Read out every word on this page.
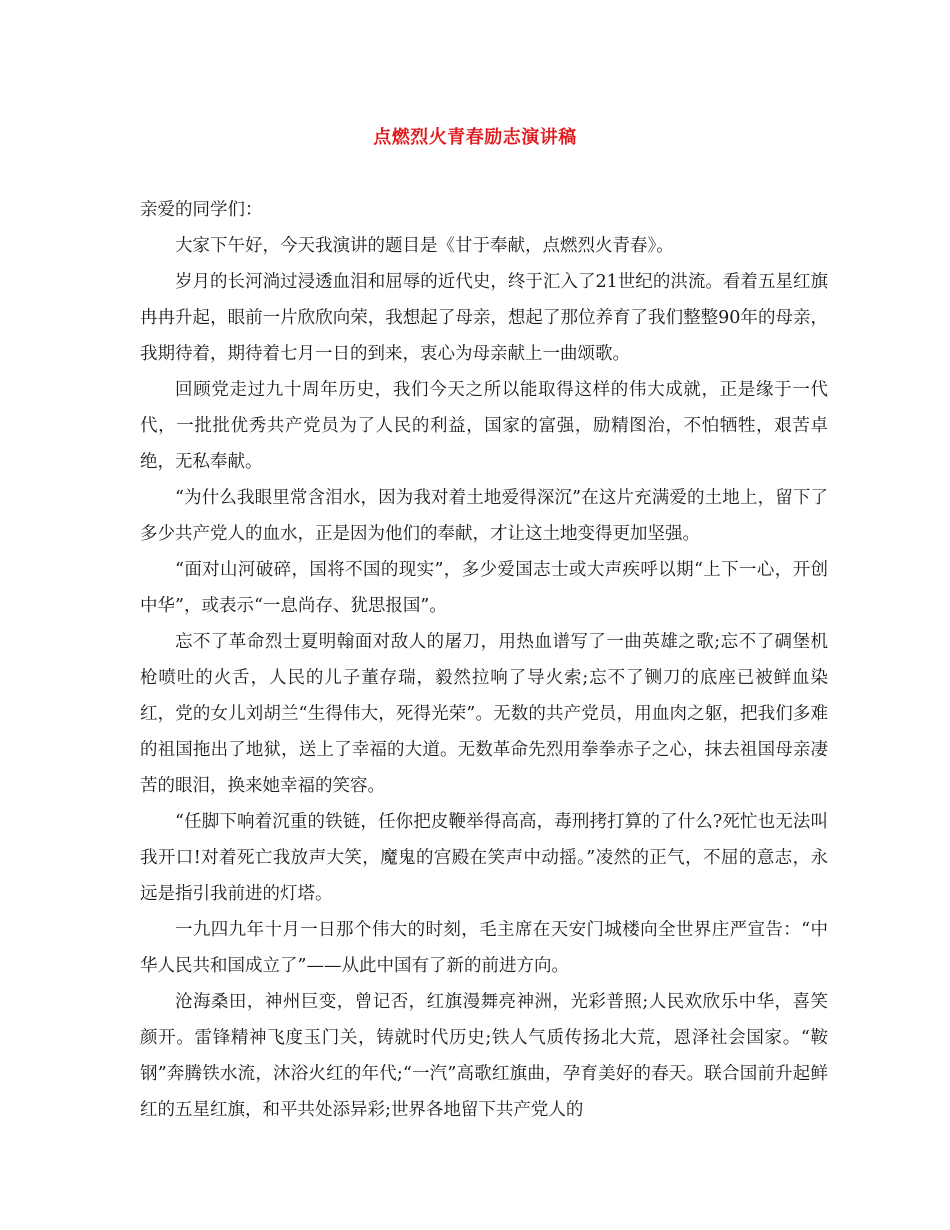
点燃烈火青春励志演讲稿

亲爱的同学们：

大家下午好，今天我演讲的题目是《甘于奉献，点燃烈火青春》。

岁月的长河淌过浸透血泪和屈辱的近代史，终于汇入了21世纪的洪流。看着五星红旗冉冉升起，眼前一片欣欣向荣，我想起了母亲，想起了那位养育了我们整整90年的母亲，我期待着，期待着七月一日的到来，衷心为母亲献上一曲颂歌。

回顾党走过九十周年历史，我们今天之所以能取得这样的伟大成就，正是缘于一代代，一批批优秀共产党员为了人民的利益，国家的富强，励精图治，不怕牺牲，艰苦卓绝，无私奉献。

“为什么我眼里常含泪水，因为我对着土地爱得深沉”在这片充满爱的土地上，留下了多少共产党人的血水，正是因为他们的奉献，才让这土地变得更加坚强。

“面对山河破碎，国将不国的现实”，多少爱国志士或大声疾呼以期“上下一心，开创中华”，或表示“一息尚存、犹思报国”。

忘不了革命烈士夏明翰面对敌人的屠刀，用热血谱写了一曲英雄之歌;忘不了碉堡机枪喷吐的火舌，人民的儿子董存瑞，毅然拉响了导火索;忘不了铡刀的底座已被鲜血染红，党的女儿刘胡兰“生得伟大，死得光荣”。无数的共产党员，用血肉之躯，把我们多难的祖国拖出了地狱，送上了幸福的大道。无数革命先烈用拳拳赤子之心，抹去祖国母亲凄苦的眼泪，换来她幸福的笑容。

“任脚下响着沉重的铁链，任你把皮鞭举得高高，毒刑拷打算的了什么?死忙也无法叫我开口!对着死亡我放声大笑，魔鬼的宫殿在笑声中动摇。”凌然的正气，不屈的意志，永远是指引我前进的灯塔。

一九四九年十月一日那个伟大的时刻，毛主席在天安门城楼向全世界庄严宣告：“中华人民共和国成立了”——从此中国有了新的前进方向。

沧海桑田，神州巨变，曾记否，红旗漫舞亮神洲，光彩普照;人民欢欣乐中华，喜笑颜开。雷锋精神飞度玉门关，铸就时代历史;铁人气质传扬北大荒，恩泽社会国家。“鞍钢”奔腾铁水流，沐浴火红的年代;“一汽”高歌红旗曲，孕育美好的春天。联合国前升起鲜红的五星红旗，和平共处添异彩;世界各地留下共产党人的
